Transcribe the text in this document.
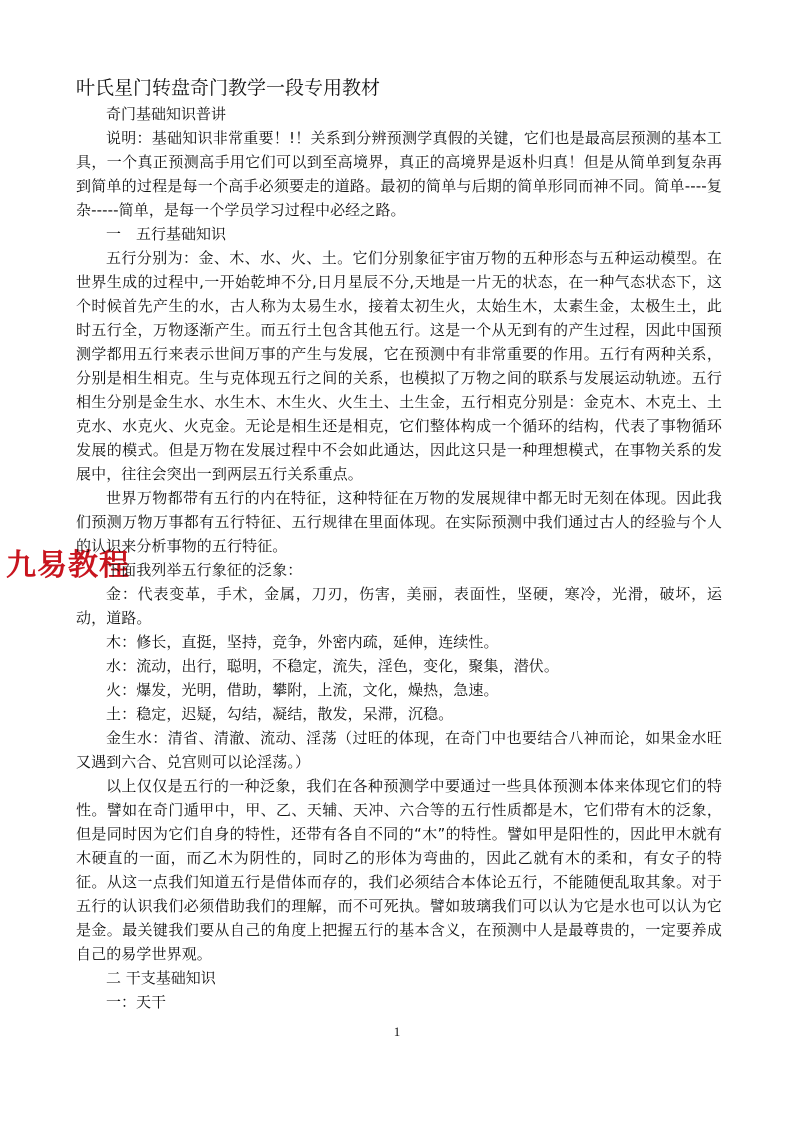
九易教程
叶氏星门转盘奇门教学一段专用教材

奇门基础知识普讲

说明：基础知识非常重要！!！关系到分辨预测学真假的关键，它们也是最高层预测的基本工具，一个真正预测高手用它们可以到至高境界，真正的高境界是返朴归真！但是从简单到复杂再到简单的过程是每一个高手必须要走的道路。最初的简单与后期的简单形同而神不同。简单----复杂-----简单，是每一个学员学习过程中必经之路。

一　五行基础知识

五行分别为：金、木、水、火、土。它们分别象征宇宙万物的五种形态与五种运动模型。在世界生成的过程中,一开始乾坤不分,日月星辰不分,天地是一片无的状态，在一种气态状态下，这个时候首先产生的水，古人称为太易生水，接着太初生火，太始生木，太素生金，太极生土，此时五行全，万物逐渐产生。而五行土包含其他五行。这是一个从无到有的产生过程，因此中国预测学都用五行来表示世间万事的产生与发展，它在预测中有非常重要的作用。五行有两种关系，分别是相生相克。生与克体现五行之间的关系，也模拟了万物之间的联系与发展运动轨迹。五行相生分别是金生水、水生木、木生火、火生土、土生金，五行相克分别是：金克木、木克土、土克水、水克火、火克金。无论是相生还是相克，它们整体构成一个循环的结构，代表了事物循环发展的模式。但是万物在发展过程中不会如此通达，因此这只是一种理想模式，在事物关系的发展中，往往会突出一到两层五行关系重点。

世界万物都带有五行的内在特征，这种特征在万物的发展规律中都无时无刻在体现。因此我们预测万物万事都有五行特征、五行规律在里面体现。在实际预测中我们通过古人的经验与个人的认识来分析事物的五行特征。

下面我列举五行象征的泛象：

金：代表变革，手术，金属，刀刃，伤害，美丽，表面性，坚硬，寒冷，光滑，破坏，运动，道路。

木：修长，直挺，坚持，竞争，外密内疏，延伸，连续性。

水：流动，出行，聪明，不稳定，流失，淫色，变化，聚集，潜伏。

火：爆发，光明，借助，攀附，上流，文化，燥热，急速。

土：稳定，迟疑，勾结，凝结，散发，呆滞，沉稳。

金生水：清省、清澈、流动、淫荡（过旺的体现，在奇门中也要结合八神而论，如果金水旺又遇到六合、兑宫则可以论淫荡。）

以上仅仅是五行的一种泛象，我们在各种预测学中要通过一些具体预测本体来体现它们的特性。譬如在奇门遁甲中，甲、乙、天辅、天冲、六合等的五行性质都是木，它们带有木的泛象，但是同时因为它们自身的特性，还带有各自不同的“木”的特性。譬如甲是阳性的，因此甲木就有木硬直的一面，而乙木为阴性的，同时乙的形体为弯曲的，因此乙就有木的柔和，有女子的特征。从这一点我们知道五行是借体而存的，我们必须结合本体论五行，不能随便乱取其象。对于五行的认识我们必须借助我们的理解，而不可死执。譬如玻璃我们可以认为它是水也可以认为它是金。最关键我们要从自己的角度上把握五行的基本含义，在预测中人是最尊贵的，一定要养成自己的易学世界观。

二 干支基础知识

一：天干

1
